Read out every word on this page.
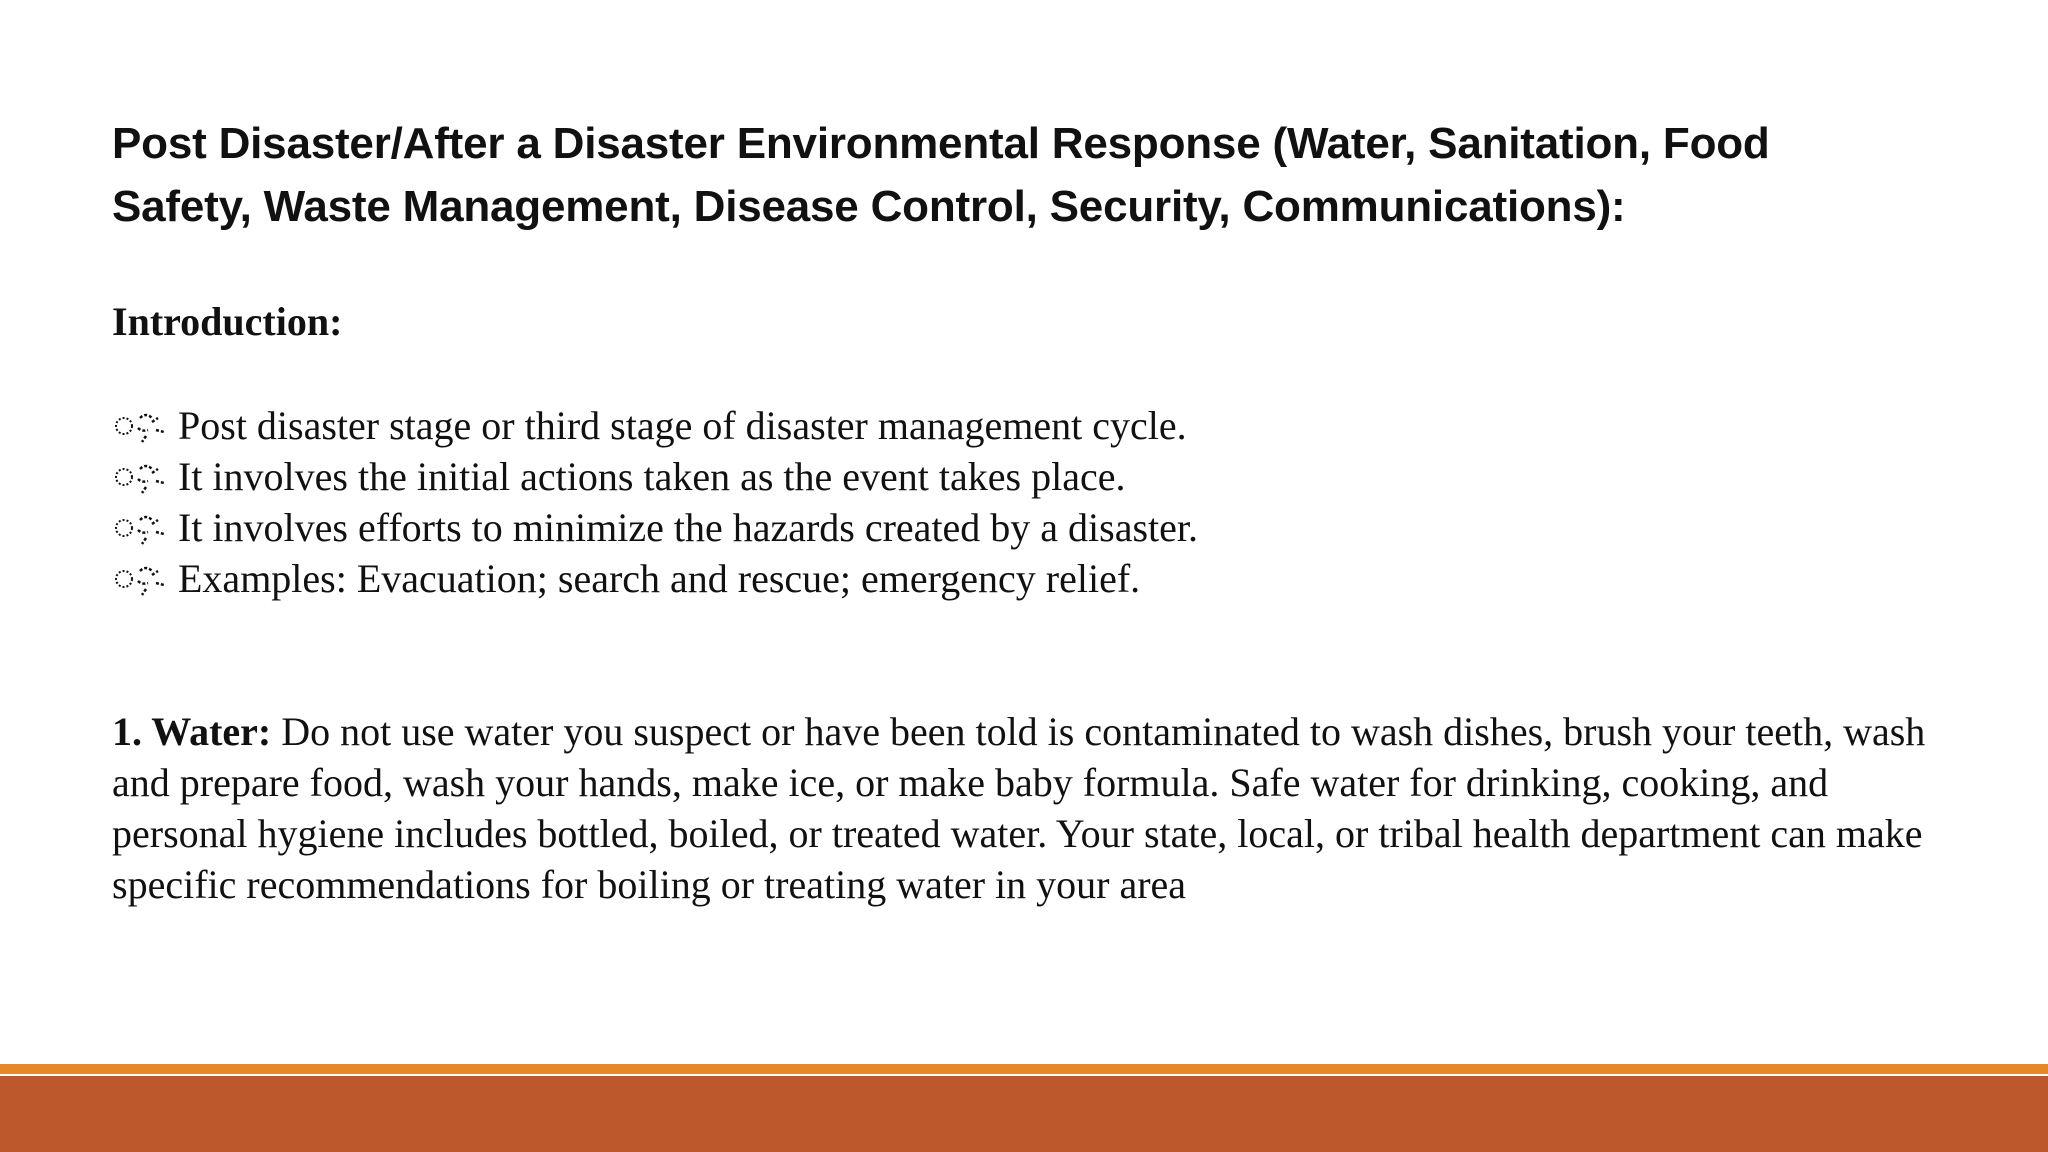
Post Disaster/After a Disaster Environmental Response (Water, Sanitation, Food Safety, Waste Management, Disease Control, Security, Communications):
Introduction:
Post disaster stage or third stage of disaster management cycle.
It involves the initial actions taken as the event takes place.
It involves efforts to minimize the hazards created by a disaster.
Examples: Evacuation; search and rescue; emergency relief.

1. Water: Do not use water you suspect or have been told is contaminated to wash dishes, brush your teeth, wash and prepare food, wash your hands, make ice, or make baby formula. Safe water for drinking, cooking, and personal hygiene includes bottled, boiled, or treated water. Your state, local, or tribal health department can make specific recommendations for boiling or treating water in your area
